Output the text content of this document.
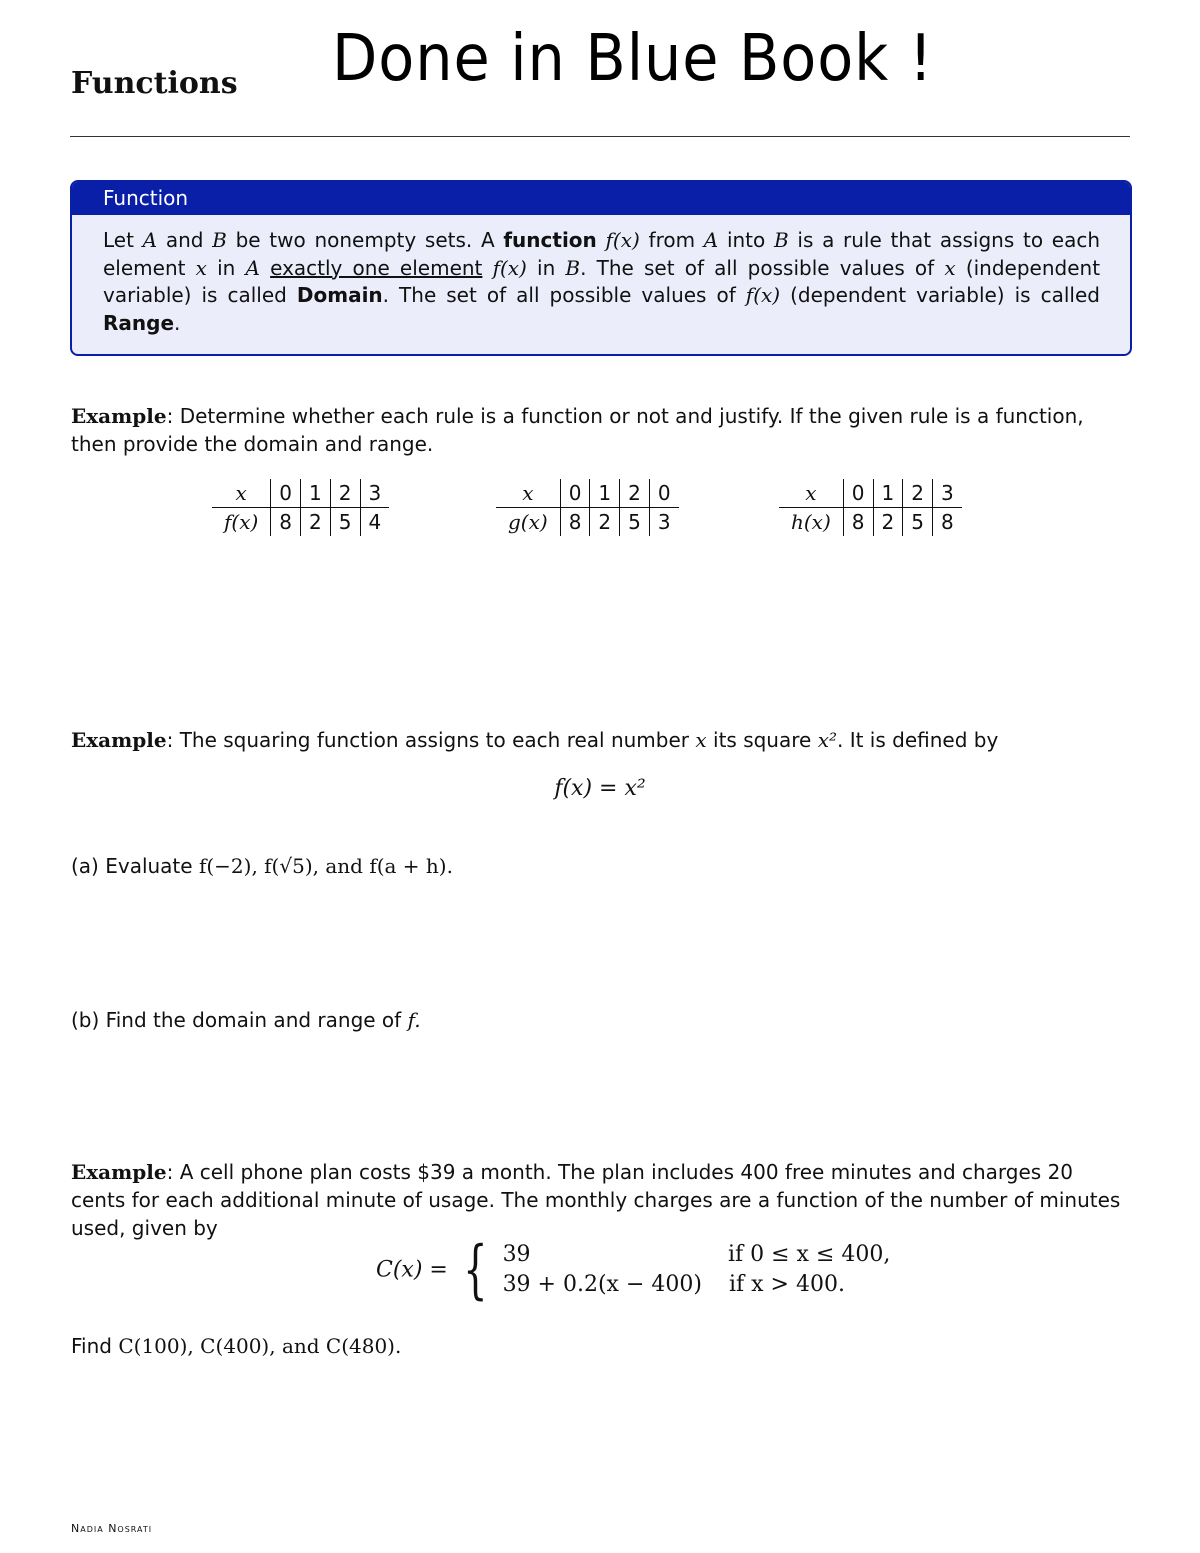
Functions Done in Blue Book !
Function
Let A and B be two nonempty sets. A function f(x) from A into B is a rule that assigns to each element x in A exactly one element f(x) in B. The set of all possible values of x (independent variable) is called Domain. The set of all possible values of f(x) (dependent variable) is called Range.
Example: Determine whether each rule is a function or not and justify. If the given rule is a function, then provide the domain and range.
x	0	1	2	3
f(x)	8	2	5	4
x	0	1	2	0
g(x)	8	2	5	3
x	0	1	2	3
h(x)	8	2	5	8
Example: The squaring function assigns to each real number x its square x². It is defined by
f(x) = x²
(a) Evaluate f(−2), f(√5), and f(a + h).
(b) Find the domain and range of f.
Example: A cell phone plan costs $39 a month. The plan includes 400 free minutes and charges 20 cents for each additional minute of usage. The monthly charges are a function of the number of minutes used, given by
C(x) = { 39	if 0 ≤ x ≤ 400,
39 + 0.2(x − 400)	if x > 400.
Find C(100), C(400), and C(480).
Nadia Nosrati
